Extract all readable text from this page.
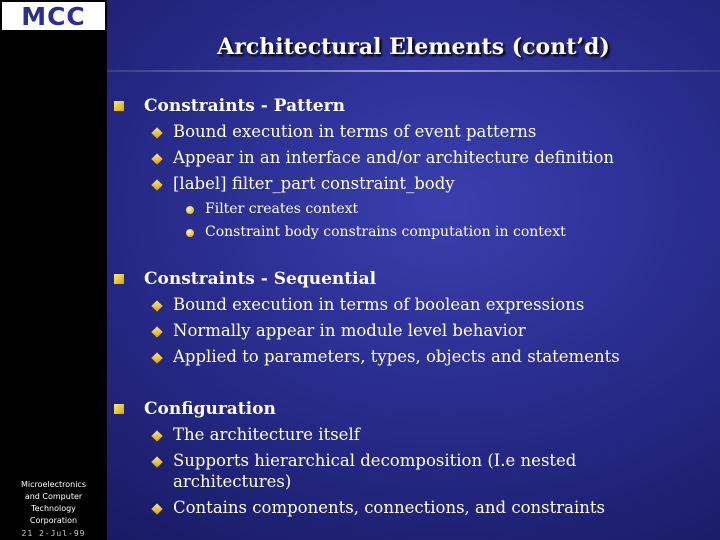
MCC
Microelectronics
and Computer
Technology
Corporation
21 2-Jul-99
Architectural Elements (cont’d)
Constraints - Pattern
Bound execution in terms of event patterns
Appear in an interface and/or architecture definition
[label] filter_part constraint_body
Filter creates context
Constraint body constrains computation in context
Constraints - Sequential
Bound execution in terms of boolean expressions
Normally appear in module level behavior
Applied to parameters, types, objects and statements
Configuration
The architecture itself
Supports hierarchical decomposition (I.e nested
architectures)
Contains components, connections, and constraints
